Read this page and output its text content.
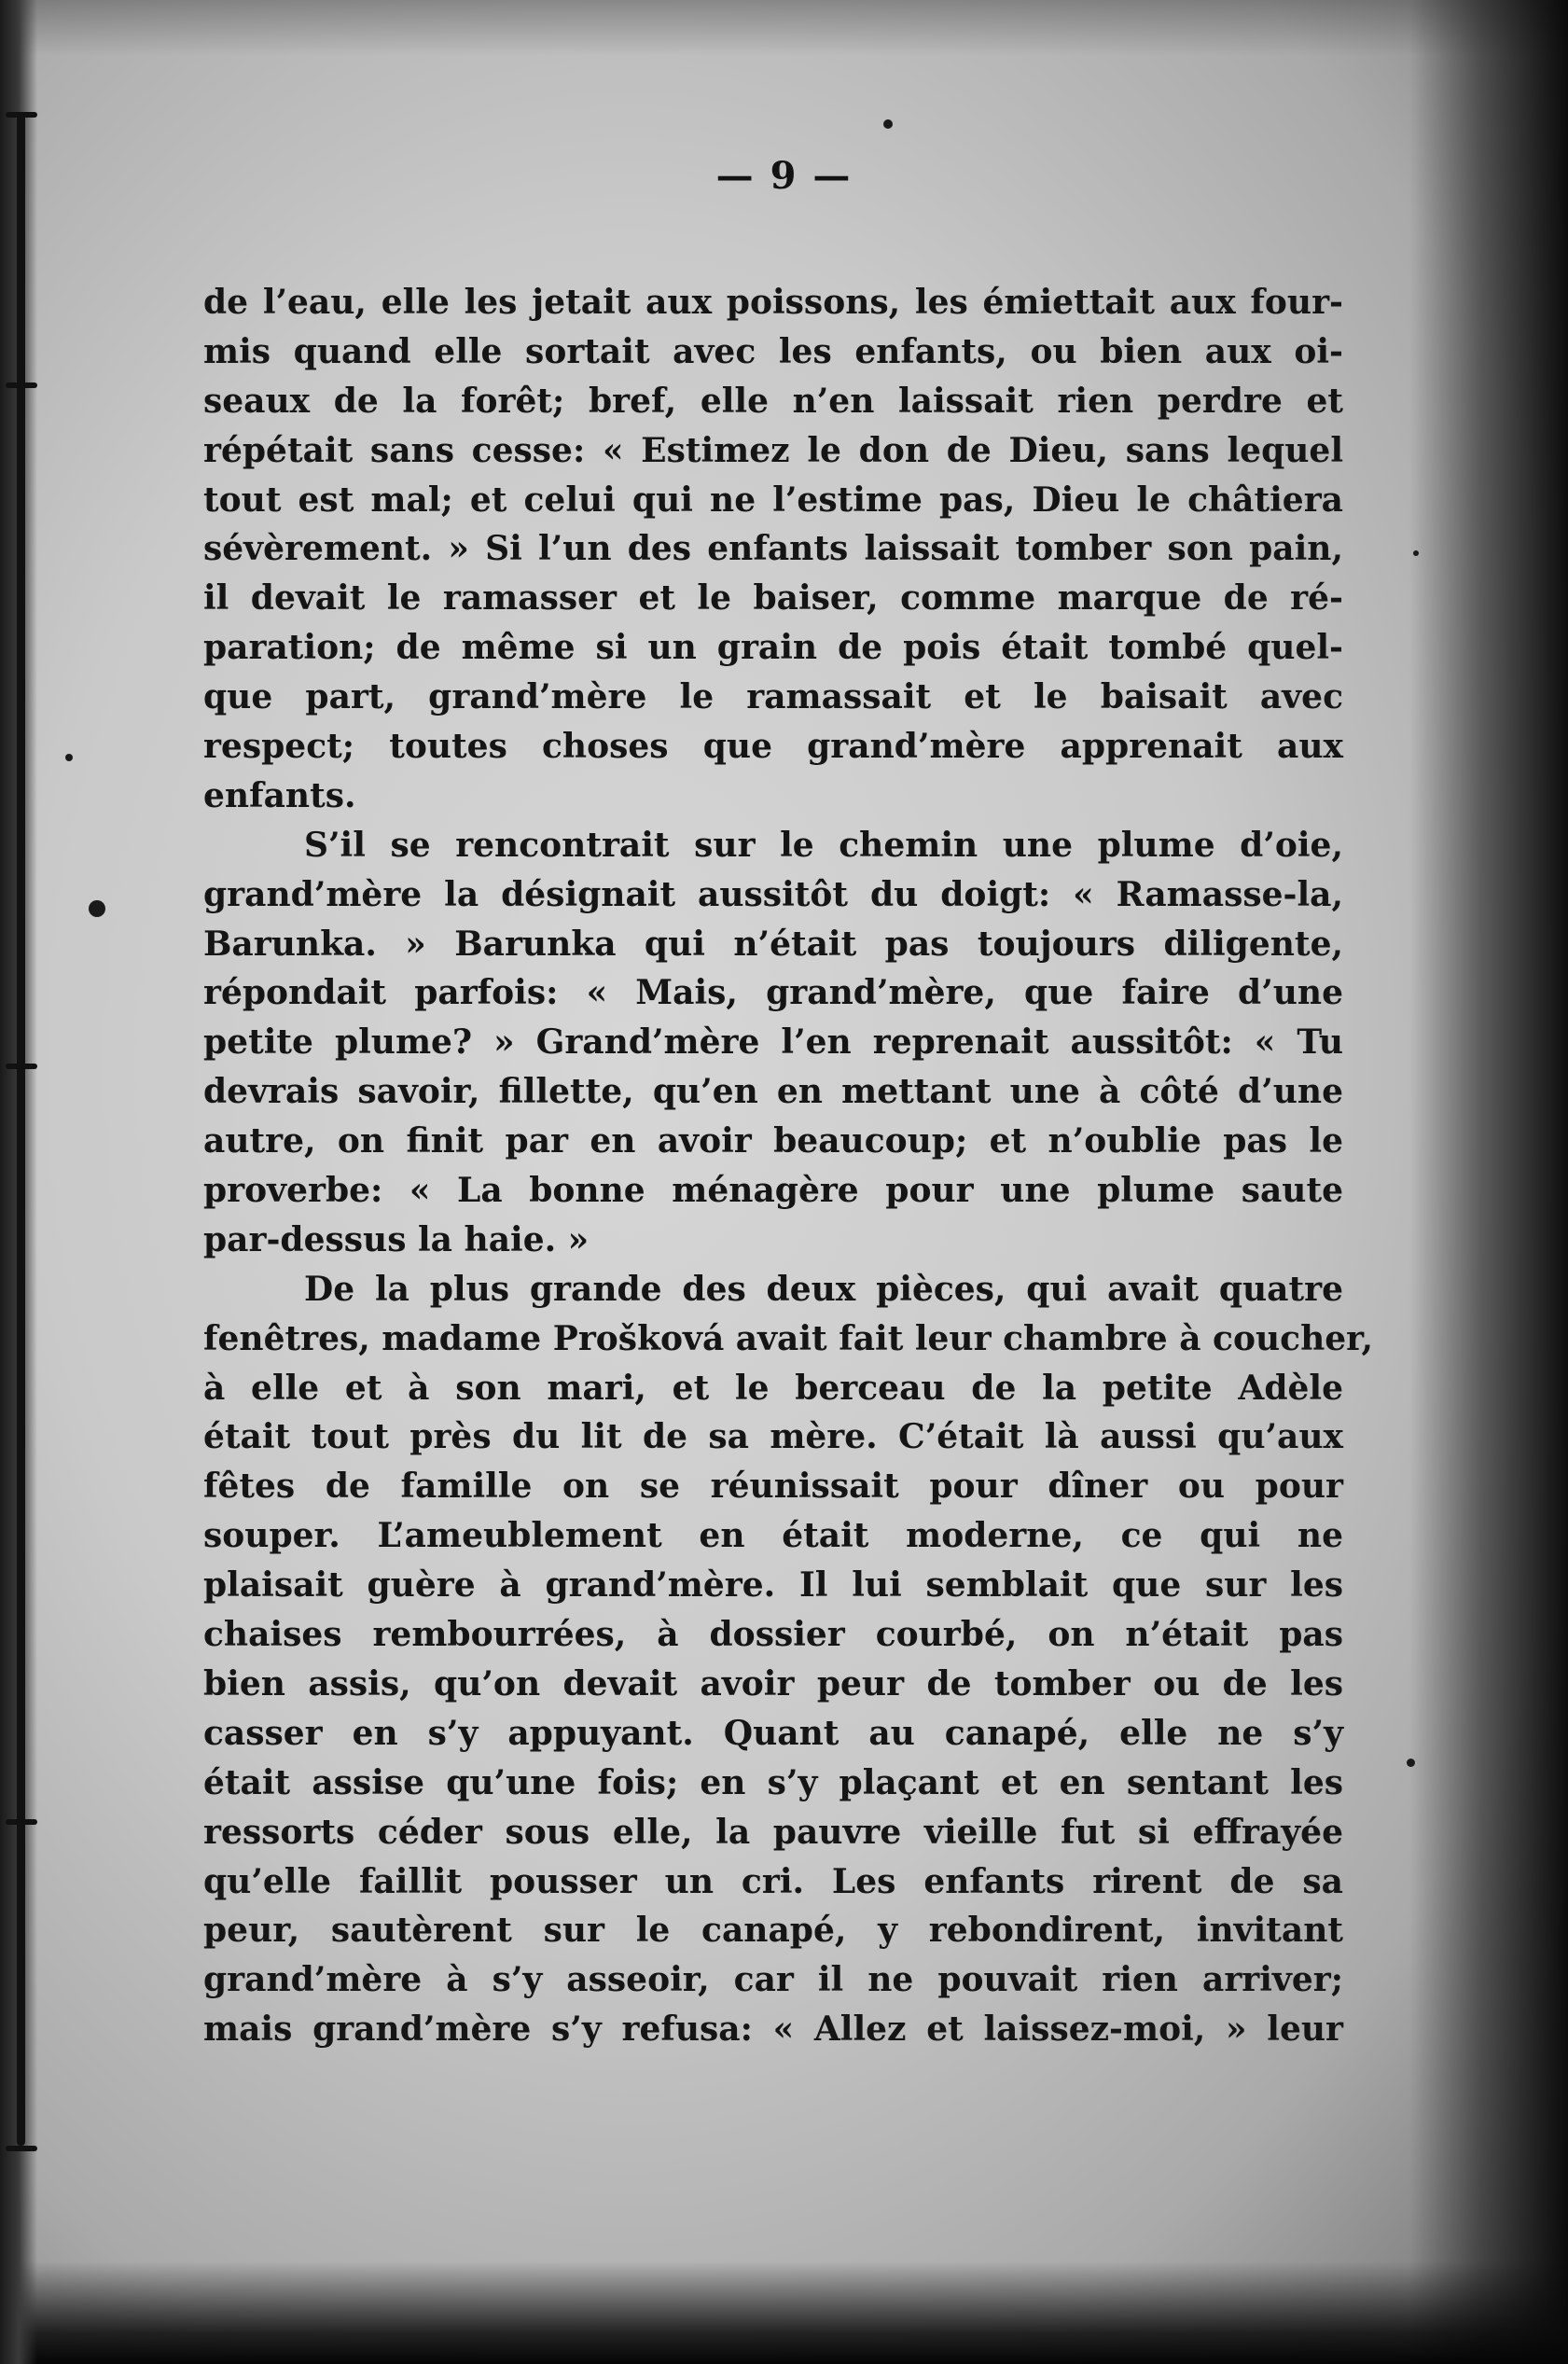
— 9 —
de l’eau, elle les jetait aux poissons, les émiettait aux four-
mis quand elle sortait avec les enfants, ou bien aux oi-
seaux de la forêt; bref, elle n’en laissait rien perdre et
répétait sans cesse: « Estimez le don de Dieu, sans lequel
tout est mal; et celui qui ne l’estime pas, Dieu le châtiera
sévèrement. » Si l’un des enfants laissait tomber son pain,
il devait le ramasser et le baiser, comme marque de ré-
paration; de même si un grain de pois était tombé quel-
que part, grand’mère le ramassait et le baisait avec
respect; toutes choses que grand’mère apprenait aux
enfants.
S’il se rencontrait sur le chemin une plume d’oie,
grand’mère la désignait aussitôt du doigt: « Ramasse-la,
Barunka. » Barunka qui n’était pas toujours diligente,
répondait parfois: « Mais, grand’mère, que faire d’une
petite plume? » Grand’mère l’en reprenait aussitôt: « Tu
devrais savoir, fillette, qu’en en mettant une à côté d’une
autre, on finit par en avoir beaucoup; et n’oublie pas le
proverbe: « La bonne ménagère pour une plume saute
par-dessus la haie. »
De la plus grande des deux pièces, qui avait quatre
fenêtres, madame Prošková avait fait leur chambre à coucher,
à elle et à son mari, et le berceau de la petite Adèle
était tout près du lit de sa mère. C’était là aussi qu’aux
fêtes de famille on se réunissait pour dîner ou pour
souper. L’ameublement en était moderne, ce qui ne
plaisait guère à grand’mère. Il lui semblait que sur les
chaises rembourrées, à dossier courbé, on n’était pas
bien assis, qu’on devait avoir peur de tomber ou de les
casser en s’y appuyant. Quant au canapé, elle ne s’y
était assise qu’une fois; en s’y plaçant et en sentant les
ressorts céder sous elle, la pauvre vieille fut si effrayée
qu’elle faillit pousser un cri. Les enfants rirent de sa
peur, sautèrent sur le canapé, y rebondirent, invitant
grand’mère à s’y asseoir, car il ne pouvait rien arriver;
mais grand’mère s’y refusa: « Allez et laissez-moi, » leur
